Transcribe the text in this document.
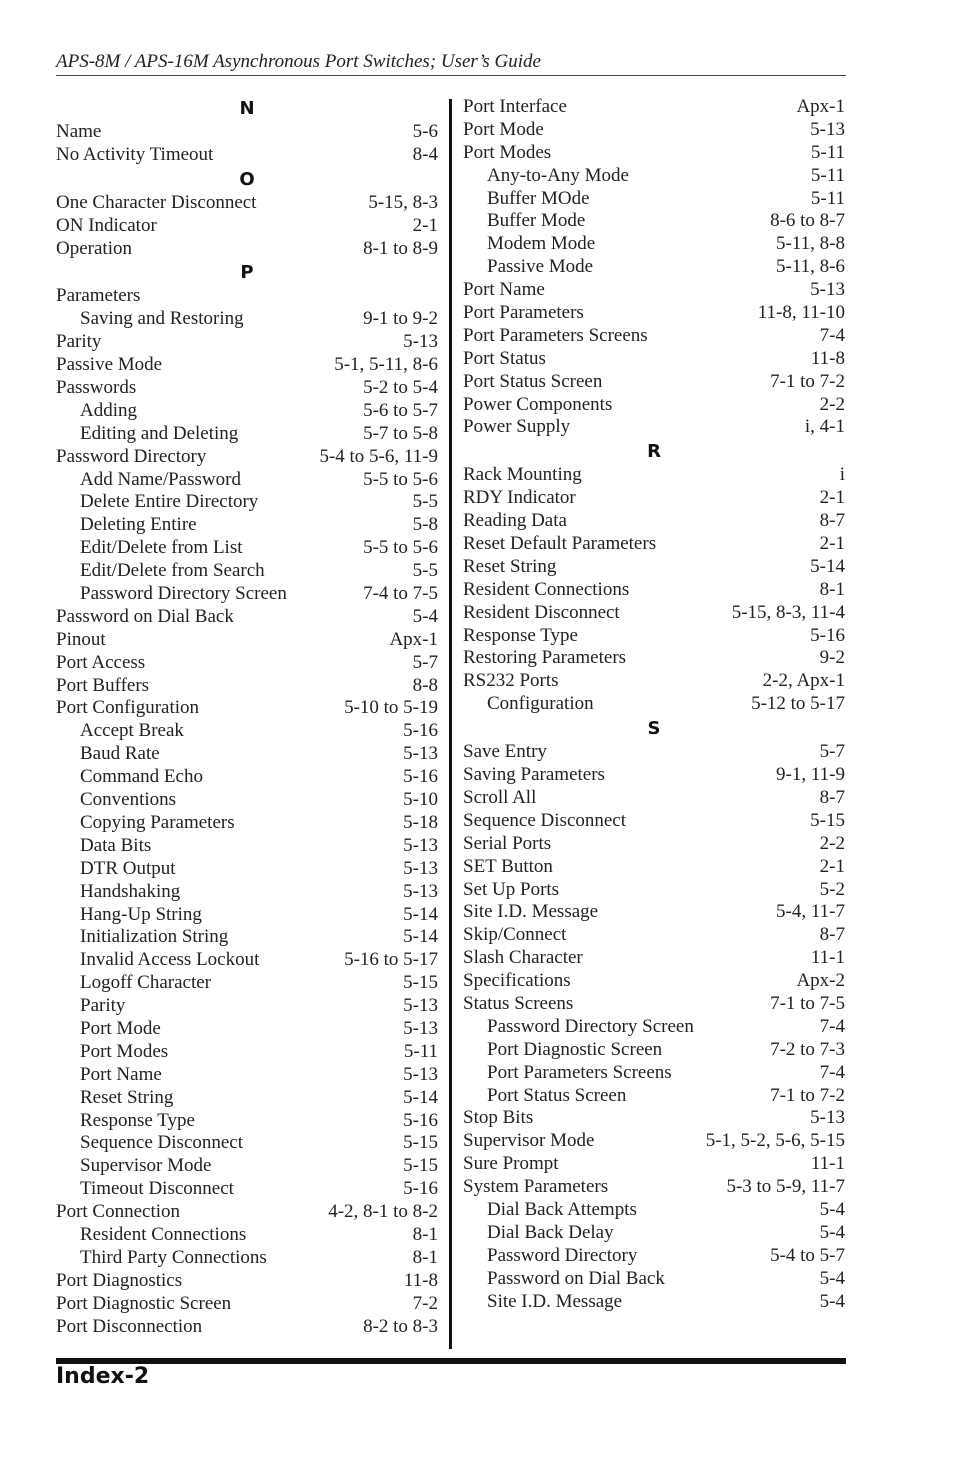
APS-8M / APS-16M Asynchronous Port Switches; User’s Guide
N
Name	5-6
No Activity Timeout	8-4
O
One Character Disconnect	5-15, 8-3
ON Indicator	2-1
Operation	8-1 to 8-9
P
Parameters
Saving and Restoring	9-1 to 9-2
Parity	5-13
Passive Mode	5-1, 5-11, 8-6
Passwords	5-2 to 5-4
Adding	5-6 to 5-7
Editing and Deleting	5-7 to 5-8
Password Directory	5-4 to 5-6, 11-9
Add Name/Password	5-5 to 5-6
Delete Entire Directory	5-5
Deleting Entire	5-8
Edit/Delete from List	5-5 to 5-6
Edit/Delete from Search	5-5
Password Directory Screen	7-4 to 7-5
Password on Dial Back	5-4
Pinout	Apx-1
Port Access	5-7
Port Buffers	8-8
Port Configuration	5-10 to 5-19
Accept Break	5-16
Baud Rate	5-13
Command Echo	5-16
Conventions	5-10
Copying Parameters	5-18
Data Bits	5-13
DTR Output	5-13
Handshaking	5-13
Hang-Up String	5-14
Initialization String	5-14
Invalid Access Lockout	5-16 to 5-17
Logoff Character	5-15
Parity	5-13
Port Mode	5-13
Port Modes	5-11
Port Name	5-13
Reset String	5-14
Response Type	5-16
Sequence Disconnect	5-15
Supervisor Mode	5-15
Timeout Disconnect	5-16
Port Connection	4-2, 8-1 to 8-2
Resident Connections	8-1
Third Party Connections	8-1
Port Diagnostics	11-8
Port Diagnostic Screen	7-2
Port Disconnection	8-2 to 8-3
Port Interface	Apx-1
Port Mode	5-13
Port Modes	5-11
Any-to-Any Mode	5-11
Buffer MOde	5-11
Buffer Mode	8-6 to 8-7
Modem Mode	5-11, 8-8
Passive Mode	5-11, 8-6
Port Name	5-13
Port Parameters	11-8, 11-10
Port Parameters Screens	7-4
Port Status	11-8
Port Status Screen	7-1 to 7-2
Power Components	2-2
Power Supply	i, 4-1
R
Rack Mounting	i
RDY Indicator	2-1
Reading Data	8-7
Reset Default Parameters	2-1
Reset String	5-14
Resident Connections	8-1
Resident Disconnect	5-15, 8-3, 11-4
Response Type	5-16
Restoring Parameters	9-2
RS232 Ports	2-2, Apx-1
Configuration	5-12 to 5-17
S
Save Entry	5-7
Saving Parameters	9-1, 11-9
Scroll All	8-7
Sequence Disconnect	5-15
Serial Ports	2-2
SET Button	2-1
Set Up Ports	5-2
Site I.D. Message	5-4, 11-7
Skip/Connect	8-7
Slash Character	11-1
Specifications	Apx-2
Status Screens	7-1 to 7-5
Password Directory Screen	7-4
Port Diagnostic Screen	7-2 to 7-3
Port Parameters Screens	7-4
Port Status Screen	7-1 to 7-2
Stop Bits	5-13
Supervisor Mode	5-1, 5-2, 5-6, 5-15
Sure Prompt	11-1
System Parameters	5-3 to 5-9, 11-7
Dial Back Attempts	5-4
Dial Back Delay	5-4
Password Directory	5-4 to 5-7
Password on Dial Back	5-4
Site I.D. Message	5-4
Index-2
